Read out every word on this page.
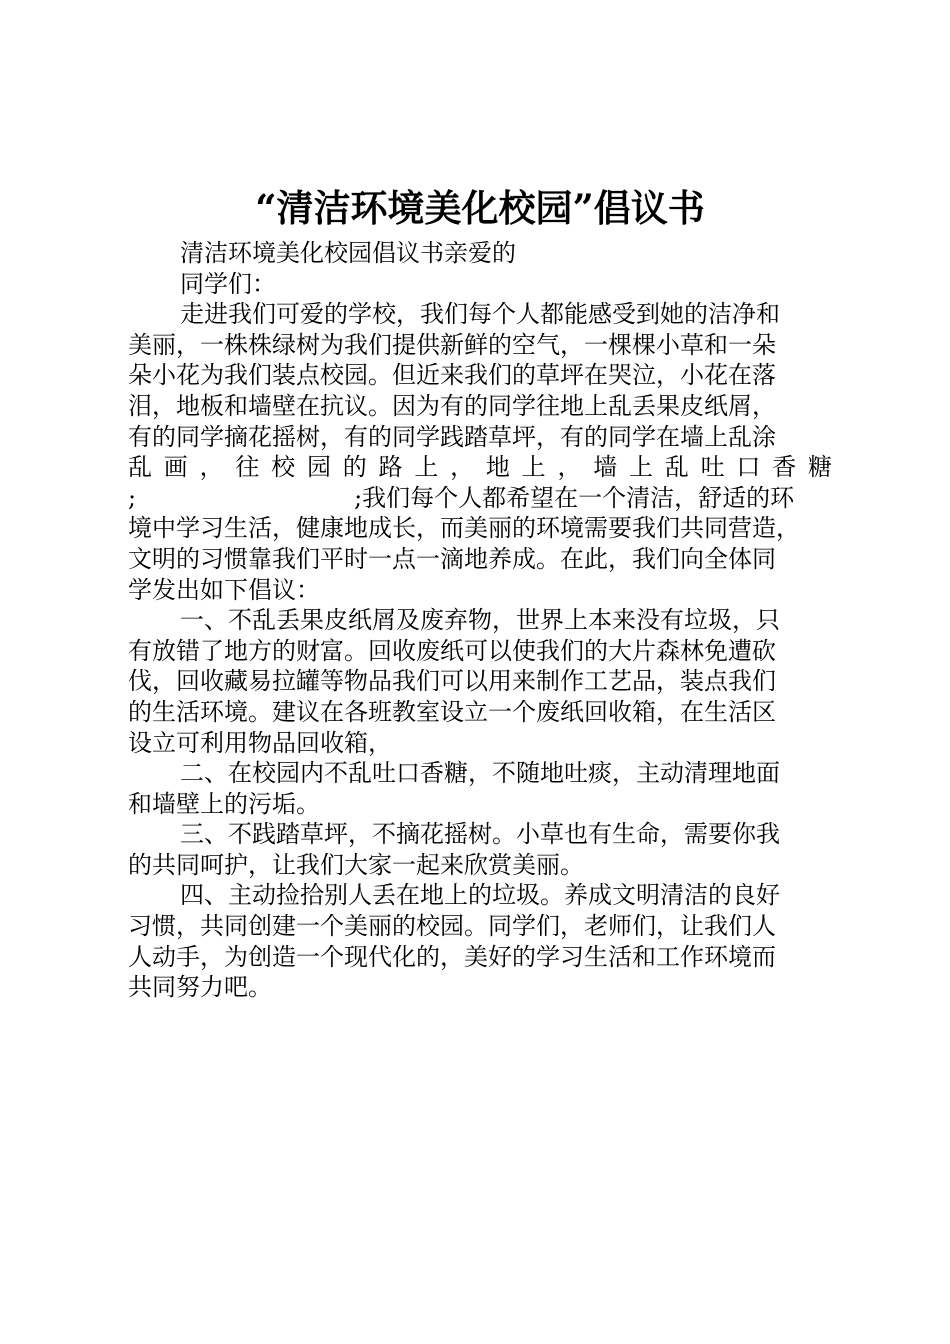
“清洁环境美化校园”倡议书

清洁环境美化校园倡议书亲爱的

同学们：

走进我们可爱的学校，我们每个人都能感受到她的洁净和

美丽，一株株绿树为我们提供新鲜的空气，一棵棵小草和一朵

朵小花为我们装点校园。但近来我们的草坪在哭泣，小花在落

泪，地板和墙壁在抗议。因为有的同学往地上乱丢果皮纸屑，

有的同学摘花摇树，有的同学践踏草坪，有的同学在墙上乱涂

乱画，往校园的路上，地上，墙上乱吐口香糖

;	;我们每个人都希望在一个清洁，舒适的环

境中学习生活，健康地成长，而美丽的环境需要我们共同营造，

文明的习惯靠我们平时一点一滴地养成。在此，我们向全体同

学发出如下倡议：

一、不乱丢果皮纸屑及废弃物，世界上本来没有垃圾，只

有放错了地方的财富。回收废纸可以使我们的大片森林免遭砍

伐，回收藏易拉罐等物品我们可以用来制作工艺品，装点我们

的生活环境。建议在各班教室设立一个废纸回收箱，在生活区

设立可利用物品回收箱，

二、在校园内不乱吐口香糖，不随地吐痰，主动清理地面

和墙壁上的污垢。

三、不践踏草坪，不摘花摇树。小草也有生命，需要你我

的共同呵护，让我们大家一起来欣赏美丽。

四、主动捡拾别人丢在地上的垃圾。养成文明清洁的良好

习惯，共同创建一个美丽的校园。同学们，老师们，让我们人

人动手，为创造一个现代化的，美好的学习生活和工作环境而

共同努力吧。
